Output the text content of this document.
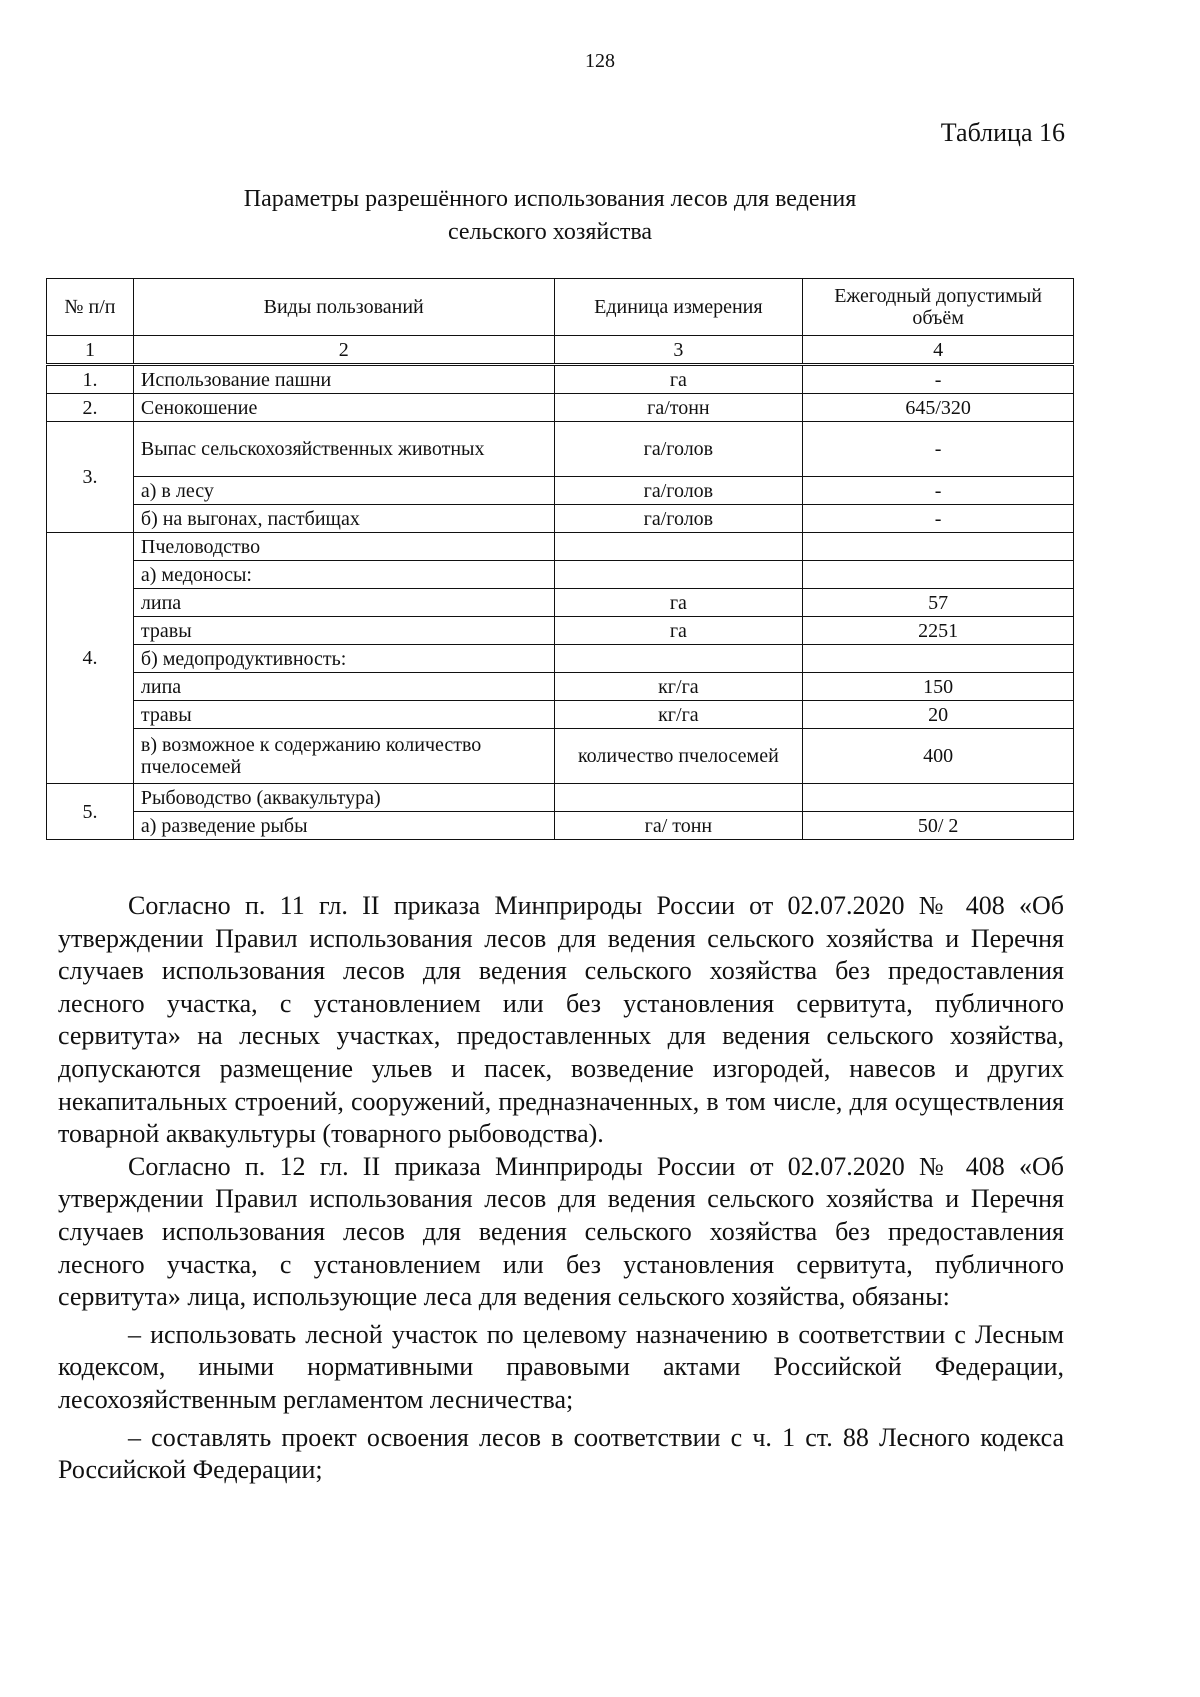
128
Таблица 16
Параметры разрешённого использования лесов для ведения
сельского хозяйства
№ п/п	Виды пользований	Единица измерения	Ежегодный допустимый объём
1	2	3	4
1.	Использование пашни	га	-
2.	Сенокошение	га/тонн	645/320
3.	Выпас сельскохозяйственных животных	га/голов	-
	а) в лесу	га/голов	-
	б) на выгонах, пастбищах	га/голов	-
4.	Пчеловодство		
	а) медоносы:		
	липа	га	57
	травы	га	2251
	б) медопродуктивность:		
	липа	кг/га	150
	травы	кг/га	20
	в) возможное к содержанию количество пчелосемей	количество пчелосемей	400
5.	Рыбоводство (аквакультура)		
	а) разведение рыбы	га/ тонн	50/ 2

Согласно п. 11 гл. II приказа Минприроды России от 02.07.2020 № 408 «Об утверждении Правил использования лесов для ведения сельского хозяйства и Перечня случаев использования лесов для ведения сельского хозяйства без предоставления лесного участка, с установлением или без установления сервитута, публичного сервитута» на лесных участках, предоставленных для ведения сельского хозяйства, допускаются размещение ульев и пасек, возведение изгородей, навесов и других некапитальных строений, сооружений, предназначенных, в том числе, для осуществления товарной аквакультуры (товарного рыбоводства).

Согласно п. 12 гл. II приказа Минприроды России от 02.07.2020 № 408 «Об утверждении Правил использования лесов для ведения сельского хозяйства и Перечня случаев использования лесов для ведения сельского хозяйства без предоставления лесного участка, с установлением или без установления сервитута, публичного сервитута» лица, использующие леса для ведения сельского хозяйства, обязаны:

– использовать лесной участок по целевому назначению в соответствии с Лесным кодексом, иными нормативными правовыми актами Российской Федерации, лесохозяйственным регламентом лесничества;

– составлять проект освоения лесов в соответствии с ч. 1 ст. 88 Лесного кодекса Российской Федерации;
